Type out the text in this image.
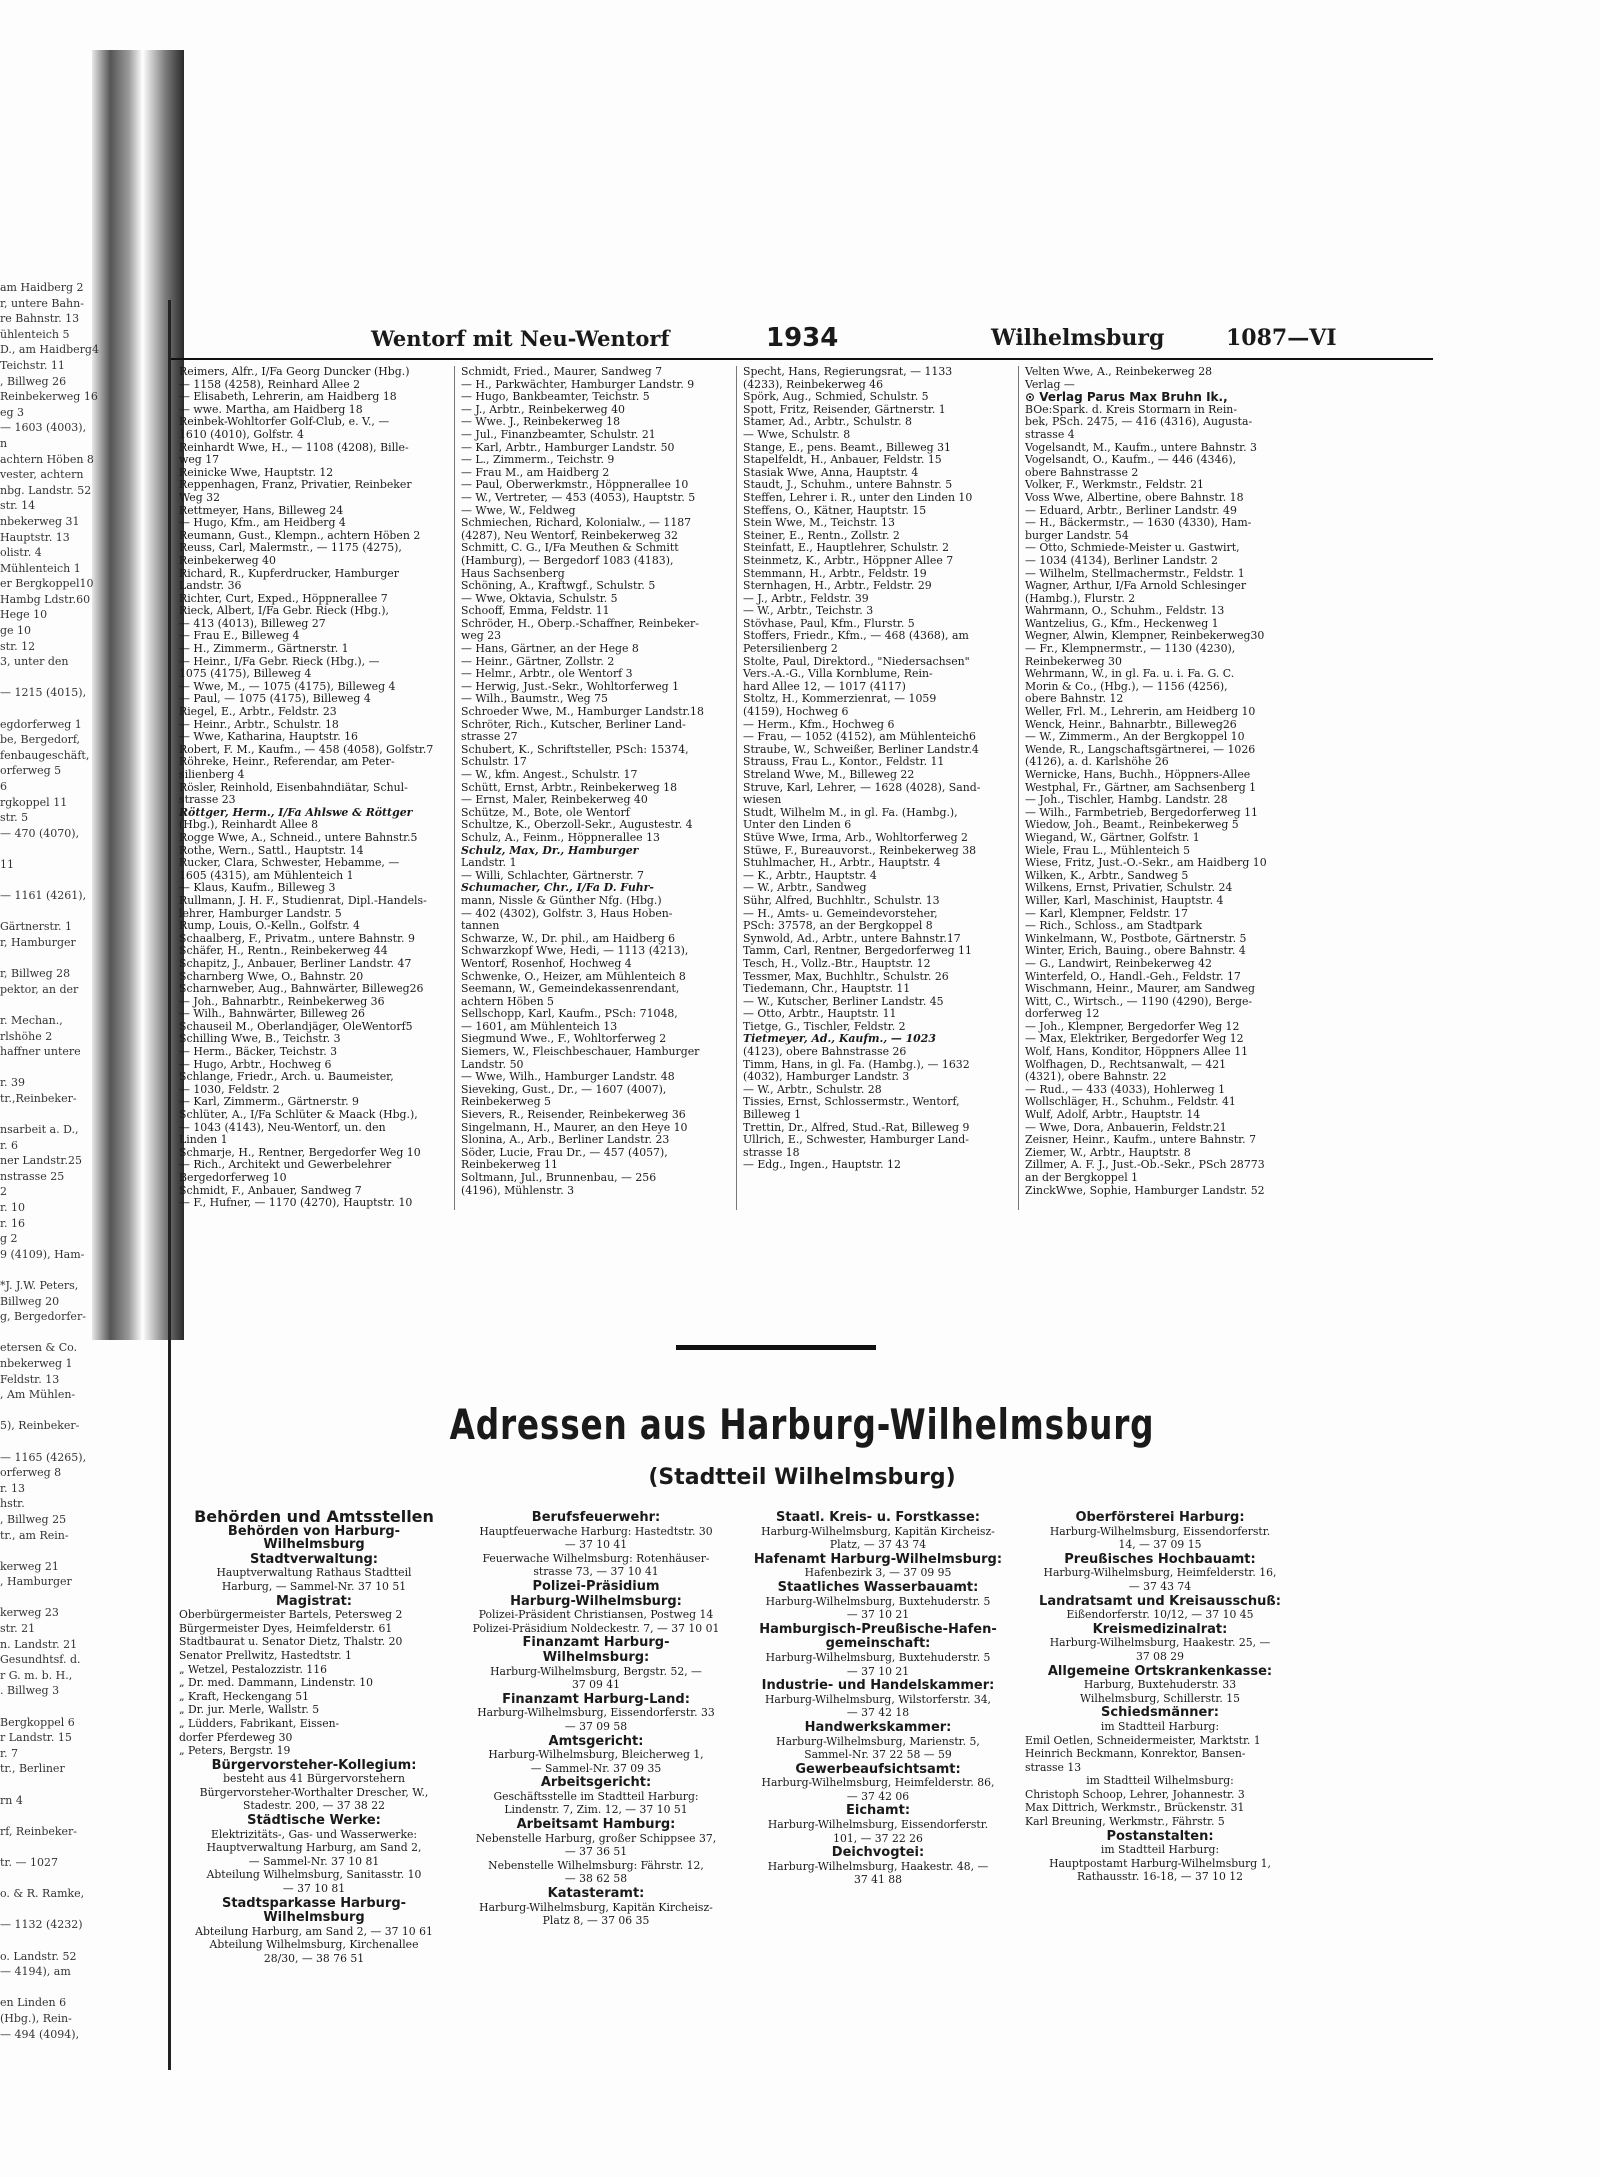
am Haidberg 2
r, untere Bahn-
re Bahnstr. 13
ühlenteich 5
D., am Haidberg4
Teichstr. 11
, Billweg 26
Reinbekerweg 16
eg 3
— 1603 (4003),
n
achtern Höben 8
vester, achtern
nbg. Landstr. 52
str. 14
nbekerweg 31
Hauptstr. 13
olistr. 4
Mühlenteich 1
er Bergkoppel10
Hambg Ldstr.60
Hege 10
ge 10
str. 12
3, unter den

— 1215 (4015),

egdorferweg 1
be, Bergedorf,
fenbaugeschäft,
orferweg 5
6
rgkoppel 11
str. 5
— 470 (4070),

11

— 1161 (4261),

Gärtnerstr. 1
r, Hamburger

r, Billweg 28
pektor, an der

r. Mechan.,
rlshöhe 2
haffner untere

r. 39
tr.,Reinbeker-

nsarbeit a. D.,
r. 6
ner Landstr.25
nstrasse 25
2
r. 10
r. 16
g 2
9 (4109), Ham-

*J. J.W. Peters,
Billweg 20
g, Bergedorfer-

etersen & Co.
nbekerweg 1
Feldstr. 13
, Am Mühlen-

5), Reinbeker-

— 1165 (4265),
orferweg 8
r. 13
hstr.
, Billweg 25
tr., am Rein-

kerweg 21
, Hamburger

kerweg 23
str. 21
n. Landstr. 21
Gesundhtsf. d.
r G. m. b. H.,
. Billweg 3

Bergkoppel 6
r Landstr. 15
r. 7
tr., Berliner

rn 4

rf, Reinbeker-

tr. — 1027

o. & R. Ramke,

— 1132 (4232)

o. Landstr. 52
— 4194), am

en Linden 6
(Hbg.), Rein-
— 494 (4094),
Wentorf mit Neu-Wentorf	1934	Wilhelmsburg	1087—VI
Reimers, Alfr., I/Fa Georg Duncker (Hbg.)
— 1158 (4258), Reinhard Allee 2
— Elisabeth, Lehrerin, am Haidberg 18
— wwe. Martha, am Haidberg 18
Reinbek-Wohltorfer Golf-Club, e. V., —
1610 (4010), Golfstr. 4
Reinhardt Wwe, H., — 1108 (4208), Bille-
weg 17
Reinicke Wwe, Hauptstr. 12
Reppenhagen, Franz, Privatier, Reinbeker
Weg 32
Rettmeyer, Hans, Billeweg 24
— Hugo, Kfm., am Heidberg 4
Reumann, Gust., Klempn., achtern Höben 2
Reuss, Carl, Malermstr., — 1175 (4275),
Reinbekerweg 40
Richard, R., Kupferdrucker, Hamburger
Landstr. 36
Richter, Curt, Exped., Höppnerallee 7
Rieck, Albert, I/Fa Gebr. Rieck (Hbg.),
— 413 (4013), Billeweg 27
— Frau E., Billeweg 4
— H., Zimmerm., Gärtnerstr. 1
— Heinr., I/Fa Gebr. Rieck (Hbg.), —
1075 (4175), Billeweg 4
— Wwe, M., — 1075 (4175), Billeweg 4
— Paul, — 1075 (4175), Billeweg 4
Riegel, E., Arbtr., Feldstr. 23
— Heinr., Arbtr., Schulstr. 18
— Wwe, Katharina, Hauptstr. 16
Robert, F. M., Kaufm., — 458 (4058), Golfstr.7
Röhreke, Heinr., Referendar, am Peter-
silienberg 4
Rösler, Reinhold, Eisenbahndiätar, Schul-
strasse 23
Röttger, Herm., I/Fa Ahlswe & Röttger
(Hbg.), Reinhardt Allee 8
Rogge Wwe, A., Schneid., untere Bahnstr.5
Rothe, Wern., Sattl., Hauptstr. 14
Rucker, Clara, Schwester, Hebamme, —
1605 (4315), am Mühlenteich 1
— Klaus, Kaufm., Billeweg 3
Rullmann, J. H. F., Studienrat, Dipl.-Handels-
lehrer, Hamburger Landstr. 5
Rump, Louis, O.-Kelln., Golfstr. 4
Schaalberg, F., Privatm., untere Bahnstr. 9
Schäfer, H., Rentn., Reinbekerweg 44
Schapitz, J., Anbauer, Berliner Landstr. 47
Scharnberg Wwe, O., Bahnstr. 20
Scharnweber, Aug., Bahnwärter, Billeweg26
— Joh., Bahnarbtr., Reinbekerweg 36
— Wilh., Bahnwärter, Billeweg 26
Schauseil M., Oberlandjäger, OleWentorf5
Schilling Wwe, B., Teichstr. 3
— Herm., Bäcker, Teichstr. 3
— Hugo, Arbtr., Hochweg 6
Schlange, Friedr., Arch. u. Baumeister,
— 1030, Feldstr. 2
— Karl, Zimmerm., Gärtnerstr. 9
Schlüter, A., I/Fa Schlüter & Maack (Hbg.),
— 1043 (4143), Neu-Wentorf, un. den
Linden 1
Schmarje, H., Rentner, Bergedorfer Weg 10
— Rich., Architekt und Gewerbelehrer
Bergedorferweg 10
Schmidt, F., Anbauer, Sandweg 7
— F., Hufner, — 1170 (4270), Hauptstr. 10
Schmidt, Fried., Maurer, Sandweg 7
— H., Parkwächter, Hamburger Landstr. 9
— Hugo, Bankbeamter, Teichstr. 5
— J., Arbtr., Reinbekerweg 40
— Wwe. J., Reinbekerweg 18
— Jul., Finanzbeamter, Schulstr. 21
— Karl, Arbtr., Hamburger Landstr. 50
— L., Zimmerm., Teichstr. 9
— Frau M., am Haidberg 2
— Paul, Oberwerkmstr., Höppnerallee 10
— W., Vertreter, — 453 (4053), Hauptstr. 5
— Wwe, W., Feldweg
Schmiechen, Richard, Kolonialw., — 1187
(4287), Neu Wentorf, Reinbekerweg 32
Schmitt, C. G., I/Fa Meuthen & Schmitt
(Hamburg), — Bergedorf 1083 (4183),
Haus Sachsenberg
Schöning, A., Kraftwgf., Schulstr. 5
— Wwe, Oktavia, Schulstr. 5
Schooff, Emma, Feldstr. 11
Schröder, H., Oberp.-Schaffner, Reinbeker-
weg 23
— Hans, Gärtner, an der Hege 8
— Heinr., Gärtner, Zollstr. 2
— Helmr., Arbtr., ole Wentorf 3
— Herwig, Just.-Sekr., Wohltorferweg 1
— Wilh., Baumstr., Weg 75
Schroeder Wwe, M., Hamburger Landstr.18
Schröter, Rich., Kutscher, Berliner Land-
strasse 27
Schubert, K., Schriftsteller, PSch: 15374,
Schulstr. 17
— W., kfm. Angest., Schulstr. 17
Schütt, Ernst, Arbtr., Reinbekerweg 18
— Ernst, Maler, Reinbekerweg 40
Schütze, M., Bote, ole Wentorf
Schultze, K., Oberzoll-Sekr., Augustestr. 4
Schulz, A., Feinm., Höppnerallee 13
Schulz, Max, Dr., Hamburger
Landstr. 1
— Willi, Schlachter, Gärtnerstr. 7
Schumacher, Chr., I/Fa D. Fuhr-
mann, Nissle & Günther Nfg. (Hbg.)
— 402 (4302), Golfstr. 3, Haus Hoben-
tannen
Schwarze, W., Dr. phil., am Haidberg 6
Schwarzkopf Wwe, Hedi, — 1113 (4213),
Wentorf, Rosenhof, Hochweg 4
Schwenke, O., Heizer, am Mühlenteich 8
Seemann, W., Gemeindekassenrendant,
achtern Höben 5
Sellschopp, Karl, Kaufm., PSch: 71048,
— 1601, am Mühlenteich 13
Siegmund Wwe., F., Wohltorferweg 2
Siemers, W., Fleischbeschauer, Hamburger
Landstr. 50
— Wwe, Wilh., Hamburger Landstr. 48
Sieveking, Gust., Dr., — 1607 (4007),
Reinbekerweg 5
Sievers, R., Reisender, Reinbekerweg 36
Singelmann, H., Maurer, an den Heye 10
Slonina, A., Arb., Berliner Landstr. 23
Söder, Lucie, Frau Dr., — 457 (4057),
Reinbekerweg 11
Soltmann, Jul., Brunnenbau, — 256
(4196), Mühlenstr. 3
Specht, Hans, Regierungsrat, — 1133
(4233), Reinbekerweg 46
Spörk, Aug., Schmied, Schulstr. 5
Spott, Fritz, Reisender, Gärtnerstr. 1
Stamer, Ad., Arbtr., Schulstr. 8
— Wwe, Schulstr. 8
Stange, E., pens. Beamt., Billeweg 31
Stapelfeldt, H., Anbauer, Feldstr. 15
Stasiak Wwe, Anna, Hauptstr. 4
Staudt, J., Schuhm., untere Bahnstr. 5
Steffen, Lehrer i. R., unter den Linden 10
Steffens, O., Kätner, Hauptstr. 15
Stein Wwe, M., Teichstr. 13
Steiner, E., Rentn., Zollstr. 2
Steinfatt, E., Hauptlehrer, Schulstr. 2
Steinmetz, K., Arbtr., Höppner Allee 7
Stemmann, H., Arbtr., Feldstr. 19
Sternhagen, H., Arbtr., Feldstr. 29
— J., Arbtr., Feldstr. 39
— W., Arbtr., Teichstr. 3
Stövhase, Paul, Kfm., Flurstr. 5
Stoffers, Friedr., Kfm., — 468 (4368), am
Petersilienberg 2
Stolte, Paul, Direktord., "Niedersachsen"
Vers.-A.-G., Villa Kornblume, Rein-
hard Allee 12, — 1017 (4117)
Stoltz, H., Kommerzienrat, — 1059
(4159), Hochweg 6
— Herm., Kfm., Hochweg 6
— Frau, — 1052 (4152), am Mühlenteich6
Straube, W., Schweißer, Berliner Landstr.4
Strauss, Frau L., Kontor., Feldstr. 11
Streland Wwe, M., Billeweg 22
Struve, Karl, Lehrer, — 1628 (4028), Sand-
wiesen
Studt, Wilhelm M., in gl. Fa. (Hambg.),
Unter den Linden 6
Stüve Wwe, Irma, Arb., Wohltorferweg 2
Stüwe, F., Bureauvorst., Reinbekerweg 38
Stuhlmacher, H., Arbtr., Hauptstr. 4
— K., Arbtr., Hauptstr. 4
— W., Arbtr., Sandweg
Sühr, Alfred, Buchhltr., Schulstr. 13
— H., Amts- u. Gemeindevorsteher,
PSch: 37578, an der Bergkoppel 8
Synwold, Ad., Arbtr., untere Bahnstr.17
Tamm, Carl, Rentner, Bergedorferweg 11
Tesch, H., Vollz.-Btr., Hauptstr. 12
Tessmer, Max, Buchhltr., Schulstr. 26
Tiedemann, Chr., Hauptstr. 11
— W., Kutscher, Berliner Landstr. 45
— Otto, Arbtr., Hauptstr. 11
Tietge, G., Tischler, Feldstr. 2
Tietmeyer, Ad., Kaufm., — 1023
(4123), obere Bahnstrasse 26
Timm, Hans, in gl. Fa. (Hambg.), — 1632
(4032), Hamburger Landstr. 3
— W., Arbtr., Schulstr. 28
Tissies, Ernst, Schlossermstr., Wentorf,
Billeweg 1
Trettin, Dr., Alfred, Stud.-Rat, Billeweg 9
Ullrich, E., Schwester, Hamburger Land-
strasse 18
— Edg., Ingen., Hauptstr. 12
Velten Wwe, A., Reinbekerweg 28
Verlag —
⊙ Verlag Parus Max Bruhn Ik.,
BOe:Spark. d. Kreis Stormarn in Rein-
bek, PSch. 2475, — 416 (4316), Augusta-
strasse 4
Vogelsandt, M., Kaufm., untere Bahnstr. 3
Vogelsandt, O., Kaufm., — 446 (4346),
obere Bahnstrasse 2
Volker, F., Werkmstr., Feldstr. 21
Voss Wwe, Albertine, obere Bahnstr. 18
— Eduard, Arbtr., Berliner Landstr. 49
— H., Bäckermstr., — 1630 (4330), Ham-
burger Landstr. 54
— Otto, Schmiede-Meister u. Gastwirt,
— 1034 (4134), Berliner Landstr. 2
— Wilhelm, Stellmachermstr., Feldstr. 1
Wagner, Arthur, I/Fa Arnold Schlesinger
(Hambg.), Flurstr. 2
Wahrmann, O., Schuhm., Feldstr. 13
Wantzelius, G., Kfm., Heckenweg 1
Wegner, Alwin, Klempner, Reinbekerweg30
— Fr., Klempnermstr., — 1130 (4230),
Reinbekerweg 30
Wehrmann, W., in gl. Fa. u. i. Fa. G. C.
Morin & Co., (Hbg.), — 1156 (4256),
obere Bahnstr. 12
Weller, Frl. M., Lehrerin, am Heidberg 10
Wenck, Heinr., Bahnarbtr., Billeweg26
— W., Zimmerm., An der Bergkoppel 10
Wende, R., Langschaftsgärtnerei, — 1026
(4126), a. d. Karlshöhe 26
Wernicke, Hans, Buchh., Höppners-Allee
Westphal, Fr., Gärtner, am Sachsenberg 1
— Joh., Tischler, Hambg. Landstr. 28
— Wilh., Farmbetrieb, Bergedorferweg 11
Wiedow, Joh., Beamt., Reinbekerweg 5
Wiegand, W., Gärtner, Golfstr. 1
Wiele, Frau L., Mühlenteich 5
Wiese, Fritz, Just.-O.-Sekr., am Haidberg 10
Wilken, K., Arbtr., Sandweg 5
Wilkens, Ernst, Privatier, Schulstr. 24
Willer, Karl, Maschinist, Hauptstr. 4
— Karl, Klempner, Feldstr. 17
— Rich., Schloss., am Stadtpark
Winkelmann, W., Postbote, Gärtnerstr. 5
Winter, Erich, Bauing., obere Bahnstr. 4
— G., Landwirt, Reinbekerweg 42
Winterfeld, O., Handl.-Geh., Feldstr. 17
Wischmann, Heinr., Maurer, am Sandweg
Witt, C., Wirtsch., — 1190 (4290), Berge-
dorferweg 12
— Joh., Klempner, Bergedorfer Weg 12
— Max, Elektriker, Bergedorfer Weg 12
Wolf, Hans, Konditor, Höppners Allee 11
Wolfhagen, D., Rechtsanwalt, — 421
(4321), obere Bahnstr. 22
— Rud., — 433 (4033), Hohlerweg 1
Wollschläger, H., Schuhm., Feldstr. 41
Wulf, Adolf, Arbtr., Hauptstr. 14
— Wwe, Dora, Anbauerin, Feldstr.21
Zeisner, Heinr., Kaufm., untere Bahnstr. 7
Ziemer, W., Arbtr., Hauptstr. 8
Zillmer, A. F. J., Just.-Ob.-Sekr., PSch 28773
an der Bergkoppel 1
ZinckWwe, Sophie, Hamburger Landstr. 52
Adressen aus Harburg-Wilhelmsburg
(Stadtteil Wilhelmsburg)
Behörden und Amtsstellen
Behörden von Harburg-Wilhelmsburg
Stadtverwaltung:
Hauptverwaltung Rathaus Stadtteil
Harburg, — Sammel-Nr. 37 10 51
Magistrat:
Oberbürgermeister Bartels, Petersweg 2
Bürgermeister Dyes, Heimfelderstr. 61
Stadtbaurat u. Senator Dietz, Thalstr. 20
Senator Prellwitz, Hastedtstr. 1
„ Wetzel, Pestalozzistr. 116
„ Dr. med. Dammann, Lindenstr. 10
„ Kraft, Heckengang 51
„ Dr. jur. Merle, Wallstr. 5
„ Lüdders, Fabrikant, Eissen-
dorfer Pferdeweg 30
„ Peters, Bergstr. 19
Bürgervorsteher-Kollegium:
besteht aus 41 Bürgervorstehern
Bürgervorsteher-Worthalter Drescher, W.,
Stadestr. 200, — 37 38 22
Städtische Werke:
Elektrizitäts-, Gas- und Wasserwerke:
Hauptverwaltung Harburg, am Sand 2,
— Sammel-Nr. 37 10 81
Abteilung Wilhelmsburg, Sanitasstr. 10
— 37 10 81
Stadtsparkasse Harburg-
Wilhelmsburg
Abteilung Harburg, am Sand 2, — 37 10 61
Abteilung Wilhelmsburg, Kirchenallee
28/30, — 38 76 51
Berufsfeuerwehr:
Hauptfeuerwache Harburg: Hastedtstr. 30
— 37 10 41
Feuerwache Wilhelmsburg: Rotenhäuser-
strasse 73, — 37 10 41
Polizei-Präsidium
Harburg-Wilhelmsburg:
Polizei-Präsident Christiansen, Postweg 14
Polizei-Präsidium Noldeckestr. 7, — 37 10 01
Finanzamt Harburg-
Wilhelmsburg:
Harburg-Wilhelmsburg, Bergstr. 52, —
37 09 41
Finanzamt Harburg-Land:
Harburg-Wilhelmsburg, Eissendorferstr. 33
— 37 09 58
Amtsgericht:
Harburg-Wilhelmsburg, Bleicherweg 1,
— Sammel-Nr. 37 09 35
Arbeitsgericht:
Geschäftsstelle im Stadtteil Harburg:
Lindenstr. 7, Zim. 12, — 37 10 51
Arbeitsamt Hamburg:
Nebenstelle Harburg, großer Schippsee 37,
— 37 36 51
Nebenstelle Wilhelmsburg: Fährstr. 12,
— 38 62 58
Katasteramt:
Harburg-Wilhelmsburg, Kapitän Kircheisz-
Platz 8, — 37 06 35
Staatl. Kreis- u. Forstkasse:
Harburg-Wilhelmsburg, Kapitän Kircheisz-
Platz, — 37 43 74
Hafenamt Harburg-Wilhelmsburg:
Hafenbezirk 3, — 37 09 95
Staatliches Wasserbauamt:
Harburg-Wilhelmsburg, Buxtehuderstr. 5
— 37 10 21
Hamburgisch-Preußische-Hafen-
gemeinschaft:
Harburg-Wilhelmsburg, Buxtehuderstr. 5
— 37 10 21
Industrie- und Handelskammer:
Harburg-Wilhelmsburg, Wilstorferstr. 34,
— 37 42 18
Handwerkskammer:
Harburg-Wilhelmsburg, Marienstr. 5,
Sammel-Nr. 37 22 58 — 59
Gewerbeaufsichtsamt:
Harburg-Wilhelmsburg, Heimfelderstr. 86,
— 37 42 06
Eichamt:
Harburg-Wilhelmsburg, Eissendorferstr.
101, — 37 22 26
Deichvogtei:
Harburg-Wilhelmsburg, Haakestr. 48, —
37 41 88
Oberförsterei Harburg:
Harburg-Wilhelmsburg, Eissendorferstr.
14, — 37 09 15
Preußisches Hochbauamt:
Harburg-Wilhelmsburg, Heimfelderstr. 16,
— 37 43 74
Landratsamt und Kreisausschuß:
Eißendorferstr. 10/12, — 37 10 45
Kreismedizinalrat:
Harburg-Wilhelmsburg, Haakestr. 25, —
37 08 29
Allgemeine Ortskrankenkasse:
Harburg, Buxtehuderstr. 33
Wilhelmsburg, Schillerstr. 15
Schiedsmänner:
im Stadtteil Harburg:
Emil Oetlen, Schneidermeister, Marktstr. 1
Heinrich Beckmann, Konrektor, Bansen-
strasse 13
im Stadtteil Wilhelmsburg:
Christoph Schoop, Lehrer, Johannestr. 3
Max Dittrich, Werkmstr., Brückenstr. 31
Karl Breuning, Werkmstr., Fährstr. 5
Postanstalten:
im Stadtteil Harburg:
Hauptpostamt Harburg-Wilhelmsburg 1,
Rathausstr. 16-18, — 37 10 12
